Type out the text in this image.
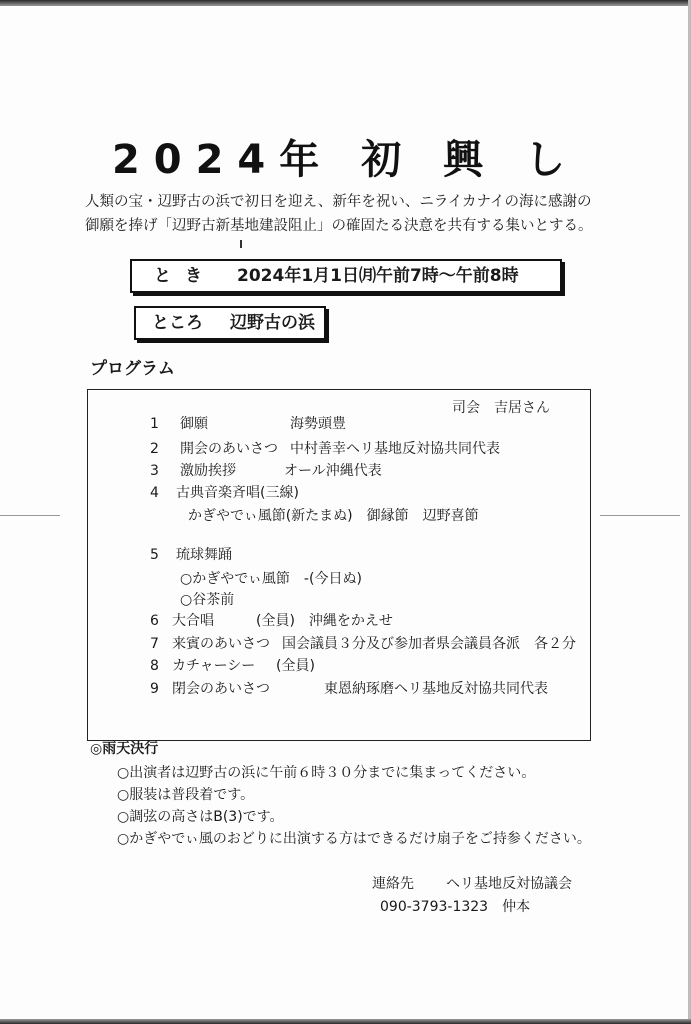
2024年 初 興 し
人類の宝・辺野古の浜で初日を迎え、新年を祝い、ニライカナイの海に感謝の御願を捧げ「辺野古新基地建設阻止」の確固たる決意を共有する集いとする。
とき 2024年1月1日㈪午前7時～午前8時
ところ 辺野古の浜
プログラム
司会　吉居さん
1 御願	海勢頭豊
2 開会のあいさつ 中村善幸ヘリ基地反対協共同代表
3 激励挨拶	オール沖縄代表
4 古典音楽斉唱(三線)
かぎやでぃ風節(新たまぬ)　御縁節　辺野喜節
5 琉球舞踊
○かぎやでぃ風節　-(今日ぬ)
○谷茶前
6 大合唱	(全員)　沖縄をかえせ
7 来賓のあいさつ 国会議員３分及び参加者県会議員各派　各２分
8 カチャーシー (全員)
9 閉会のあいさつ	東恩納琢磨ヘリ基地反対協共同代表
◎雨天決行
○出演者は辺野古の浜に午前６時３０分までに集まってください。
○服装は普段着です。
○調弦の高さはB(3)です。
○かぎやでぃ風のおどりに出演する方はできるだけ扇子をご持参ください。
連絡先 ヘリ基地反対協議会
090-3793-1323　仲本
